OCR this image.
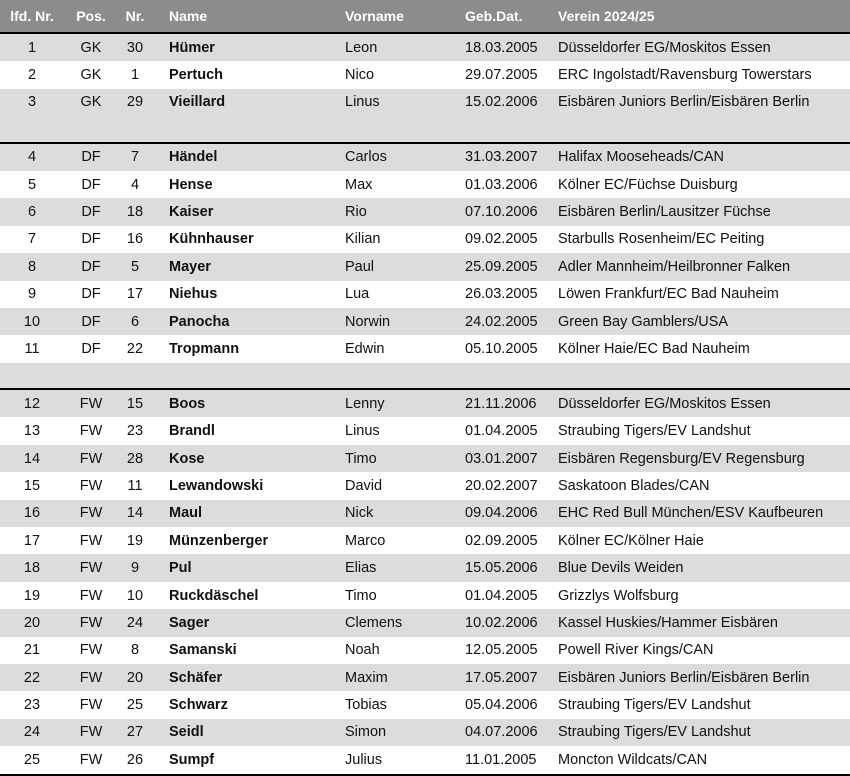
lfd. Nr.	Pos.	Nr.	Name	Vorname	Geb.Dat.	Verein 2024/25
1	GK	30	Hümer	Leon	18.03.2005 Düsseldorfer EG/Moskitos Essen
2	GK	1	Pertuch	Nico	29.07.2005 ERC Ingolstadt/Ravensburg Towerstars
3	GK	29	Vieillard	Linus	15.02.2006 Eisbären Juniors Berlin/Eisbären Berlin
4	DF	7	Händel	Carlos	31.03.2007 Halifax Mooseheads/CAN
5	DF	4	Hense	Max	01.03.2006 Kölner EC/Füchse Duisburg
6	DF	18	Kaiser	Rio	07.10.2006 Eisbären Berlin/Lausitzer Füchse
7	DF	16	Kühnhauser	Kilian	09.02.2005 Starbulls Rosenheim/EC Peiting
8	DF	5	Mayer	Paul	25.09.2005 Adler Mannheim/Heilbronner Falken
9	DF	17	Niehus	Lua	26.03.2005 Löwen Frankfurt/EC Bad Nauheim
10	DF	6	Panocha	Norwin	24.02.2005 Green Bay Gamblers/USA
11	DF	22	Tropmann	Edwin	05.10.2005 Kölner Haie/EC Bad Nauheim
12	FW	15	Boos	Lenny	21.11.2006 Düsseldorfer EG/Moskitos Essen
13	FW	23	Brandl	Linus	01.04.2005 Straubing Tigers/EV Landshut
14	FW	28	Kose	Timo	03.01.2007 Eisbären Regensburg/EV Regensburg
15	FW	11	Lewandowski	David	20.02.2007 Saskatoon Blades/CAN
16	FW	14	Maul	Nick	09.04.2006 EHC Red Bull München/ESV Kaufbeuren
17	FW	19	Münzenberger	Marco	02.09.2005 Kölner EC/Kölner Haie
18	FW	9	Pul	Elias	15.05.2006 Blue Devils Weiden
19	FW	10	Ruckdäschel	Timo	01.04.2005 Grizzlys Wolfsburg
20	FW	24	Sager	Clemens	10.02.2006 Kassel Huskies/Hammer Eisbären
21	FW	8	Samanski	Noah	12.05.2005 Powell River Kings/CAN
22	FW	20	Schäfer	Maxim	17.05.2007 Eisbären Juniors Berlin/Eisbären Berlin
23	FW	25	Schwarz	Tobias	05.04.2006 Straubing Tigers/EV Landshut
24	FW	27	Seidl	Simon	04.07.2006 Straubing Tigers/EV Landshut
25	FW	26	Sumpf	Julius	11.01.2005 Moncton Wildcats/CAN
